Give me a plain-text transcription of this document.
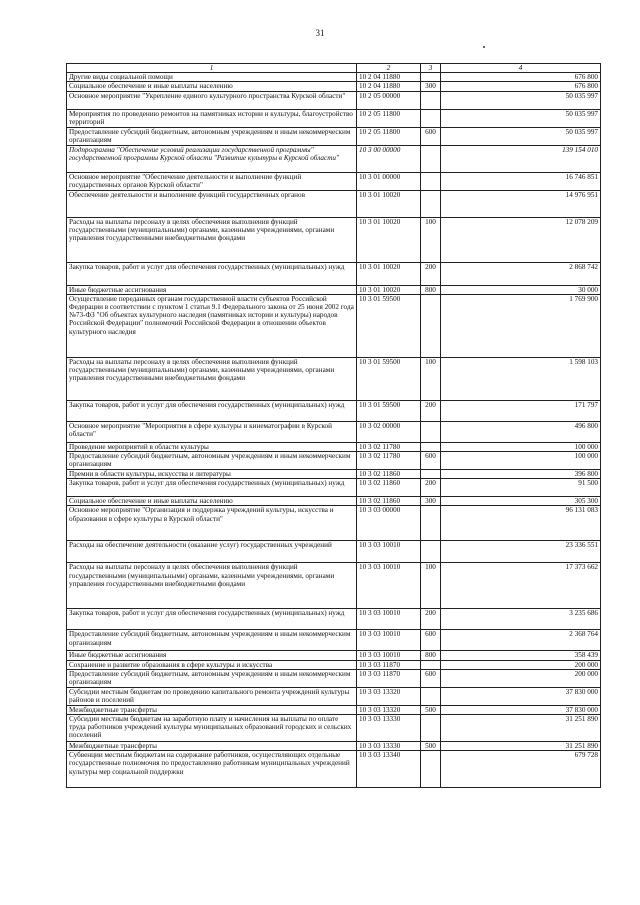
31
1	2	3	4
Другие виды социальной помощи	10 2 04 11880		676 800
Социальное обеспечение и иные выплаты населению	10 2 04 11880	300	676 800
Основное мероприятие "Укрепление единого культурного пространства Курской области"	10 2 05 00000		50 035 997
Мероприятия по проведению ремонтов на памятниках истории и культуры, благоустройство территорий	10 2 05 11800		50 035 997
Предоставление субсидий бюджетным, автономным учреждениям и иным некоммерческим организациям	10 2 05 11800	600	50 035 997
Подпрограмма "Обеспечение условий реализации государственной программы" государственной программы Курской области "Развитие культуры в Курской области"	10 3 00 00000		139 154 010
Основное мероприятие "Обеспечение деятельности и выполнение функций государственных органов Курской области"	10 3 01 00000		16 746 851
Обеспечение деятельности и выполнение функций государственных органов	10 3 01 10020		14 976 951
Расходы на выплаты персоналу в целях обеспечения выполнения функций государственными (муниципальными) органами, казенными учреждениями, органами управления государственными внебюджетными фондами	10 3 01 10020	100	12 078 209
Закупка товаров, работ и услуг для обеспечения государственных (муниципальных) нужд	10 3 01 10020	200	2 868 742
Иные бюджетные ассигнования	10 3 01 10020	800	30 000
Осуществление переданных органам государственной власти субъектов Российской Федерации в соответствии с пунктом 1 статьи 9.1 Федерального закона от 25 июня 2002 года №73-ФЗ "Об объектах культурного наследия (памятниках истории и культуры) народов Российской Федерации" полномочий Российской Федерации в отношении объектов культурного наследия	10 3 01 59500		1 769 900
Расходы на выплаты персоналу в целях обеспечения выполнения функций государственными (муниципальными) органами, казенными учреждениями, органами управления государственными внебюджетными фондами	10 3 01 59500	100	1 598 103
Закупка товаров, работ и услуг для обеспечения государственных (муниципальных) нужд	10 3 01 59500	200	171 797
Основное мероприятие "Мероприятия в сфере культуры и кинематографии в Курской области"	10 3 02 00000		496 800
Проведение мероприятий в области культуры	10 3 02 11780		100 000
Предоставление субсидий бюджетным, автономным учреждениям и иным некоммерческим организациям	10 3 02 11780	600	100 000
Премии в области культуры, искусства и литературы	10 3 02 11860		396 800
Закупка товаров, работ и услуг для обеспечения государственных (муниципальных) нужд	10 3 02 11860	200	91 500
Социальное обеспечение и иные выплаты населению	10 3 02 11860	300	305 300
Основное мероприятие "Организация и поддержка учреждений культуры, искусства и образования в сфере культуры в Курской области"	10 3 03 00000		96 131 083
Расходы на обеспечение деятельности (оказание услуг) государственных учреждений	10 3 03 10010		23 336 551
Расходы на выплаты персоналу в целях обеспечения выполнения функций государственными (муниципальными) органами, казенными учреждениями, органами управления государственными внебюджетными фондами	10 3 03 10010	100	17 373 662
Закупка товаров, работ и услуг для обеспечения государственных (муниципальных) нужд	10 3 03 10010	200	3 235 686
Предоставление субсидий бюджетным, автономным учреждениям и иным некоммерческим организациям	10 3 03 10010	600	2 368 764
Иные бюджетные ассигнования	10 3 03 10010	800	358 439
Сохранение и развитие образования в сфере культуры и искусства	10 3 03 11870		200 000
Предоставление субсидий бюджетным, автономным учреждениям и иным некоммерческим организациям	10 3 03 11870	600	200 000
Субсидии местным бюджетам по проведению капитального ремонта учреждений культуры районов и поселений	10 3 03 13320		37 830 000
Межбюджетные трансферты	10 3 03 13320	500	37 830 000
Субсидии местным бюджетам на заработную плату и начисления на выплаты по оплате труда работников учреждений культуры муниципальных образований городских и сельских поселений	10 3 03 13330		31 251 890
Межбюджетные трансферты	10 3 03 13330	500	31 251 890
Субвенции местным бюджетам на содержание работников, осуществляющих отдельные государственные полномочия по предоставлению работникам муниципальных учреждений культуры мер социальной поддержки	10 3 03 13340		679 728
